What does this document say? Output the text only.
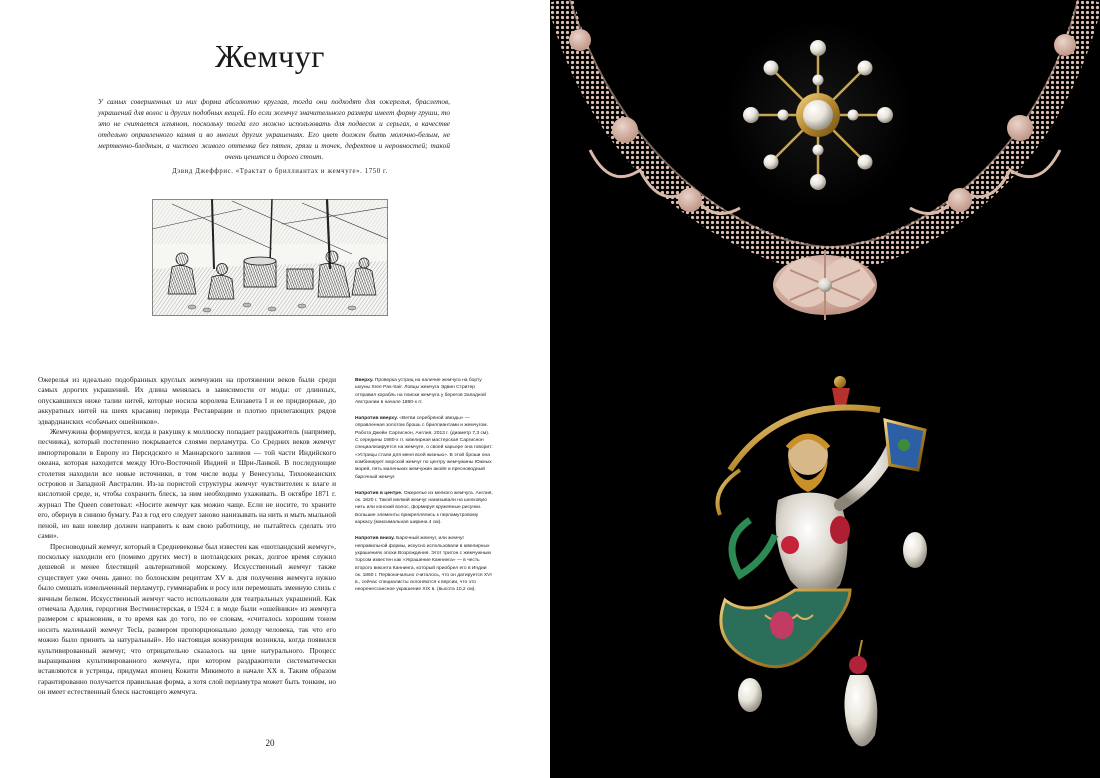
Жемчуг

У самых совершенных из них форма абсолютно круглая, тогда они подходят для ожерелья, браслетов, украшений для волос и других подобных вещей. Но если жемчуг значительного размера имеет форму груши, то это не считается изъяном, поскольку тогда его можно использовать для подвесок и серьгах, в качестве отдельно оправленного камня и во многих других украшениях. Его цвет должен быть молочно-белым, не мертвенно-бледным, а чистого живого оттенка без пятен, грязи и точек, дефектов и неровностей; такой очень ценится и дорого стоит.

Дэвид Джеффрис. «Трактат о бриллиантах и жемчуге». 1750 г.

Ожерелья из идеально подобранных круглых жемчужин на протяжении веков были среди самых дорогих украшений. Их длина менялась в зависимости от моды: от длинных, опускавшихся ниже талии нитей, которые носила королева Елизавета I и ее придворные, до аккуратных нитей на шеях красавиц периода Реставрации и плотно прилегающих рядов эдвардианских «собачьих ошейников».

Жемчужина формируется, когда в ракушку к моллюску попадает раздражитель (например, песчинка), который постепенно покрывается слоями перламутра. Со Средних веков жемчуг импортировали в Европу из Персидского и Маннарского заливов — той части Индийского океана, которая находится между Юго-Восточной Индией и Шри-Ланкой. В последующие столетия находили все новые источники, в том числе воды у Венесуэлы, Тихоокеанских островов и Западной Австралии. Из-за пористой структуры жемчуг чувствителен к влаге и кислотной среде, и, чтобы сохранить блеск, за ним необходимо ухаживать. В октябре 1871 г. журнал The Queen советовал: «Носите жемчуг как можно чаще. Если не носите, то храните его, обернув в синюю бумагу. Раз в год его следует заново нанизывать на нить и мыть мыльной пеной, но ваш ювелир должен направить к вам свою работницу, не пытайтесь сделать это сами».

Пресноводный жемчуг, который в Средневековье был известен как «шотландский жемчуг», поскольку находили его (помимо других мест) в шотландских реках, долгое время служил дешевой и менее блестящей альтернативой морскому. Искусственный жемчуг также существует уже очень давно: по болонским рецептам XV в. для получения жемчуга нужно было смешать измельченный перламутр, гуммиарабик и росу или перемешать змеиную слизь с яичным белком. Искусственный жемчуг часто использовали для театральных украшений. Как отмечала Аделия, герцогиня Вестминстерская, в 1924 г. в моде были «ошейники» из жемчуга размером с крыжовник, в то время как до того, по ее словам, «считалось хорошим тоном носить маленький жемчуг Tecla, размером пропорционально доходу человека, так что его можно было принять за натуральный». Но настоящая конкуренция возникла, когда появился культивированный жемчуг, что отрицательно сказалось на цене натурального. Процесс выращивания культивированного жемчуга, при котором раздражители систематически вставляются в устрицы, придумал японец Кокити Микимото в начале XX в. Таким образом гарантированно получается правильная форма, а хотя слой перламутра может быть тонким, но он имеет естественный блеск настоящего жемчуга.

Вверху. Проверка устриц на наличие жемчуга на борту шхуны Sree Pas-Sair. Ловцы жемчуга Эдвин Стритер отправил корабль на поиски жемчуга у берегов Западной Австралии в начале 1880-х гг.

Напротив вверху. «Ветви серебряной звезды» — оправленная золотом брошь с бриллиантами и жемчугом. Работа Джейн Саргиснон, Англия, 2013 г. (диаметр 7,3 см). С середины 1980-х гг. ювелирная мастерская Саргиснон специализируется на жемчуге, о своей карьере она говорит: «Устрицы стали для меня всей жизнью». В этой броши она комбинирует морской жемчуг по центру жемчужины Южных морей, пять маленьких жемчужин акойя и пресноводный барочный жемчуг.

Напротив в центре. Ожерелье из мелкого жемчуга. Англия, ок. 1820 г. Такой мелкий жемчуг нанизывали на шелковую нить или конский волос, формируя кружевные рисунки. Большие элементы прикреплялись к перламутровому каркасу (максимальная ширина 4 см).

Напротив внизу. Барочный жемчуг, или жемчуг неправильной формы, искусно использовали в ювелирных украшениях эпохи Возрождения. Этот тритон с жемчужным торсом известен как «Украшение Каннинга» — в честь второго виконта Каннинга, который приобрел его в Индии ок. 1860 г. Первоначально считалось, что он датируется XVI в., сейчас специалисты склоняются к версии, что это неоренессансное украшение XIX в. (высота 10,2 см).

20
